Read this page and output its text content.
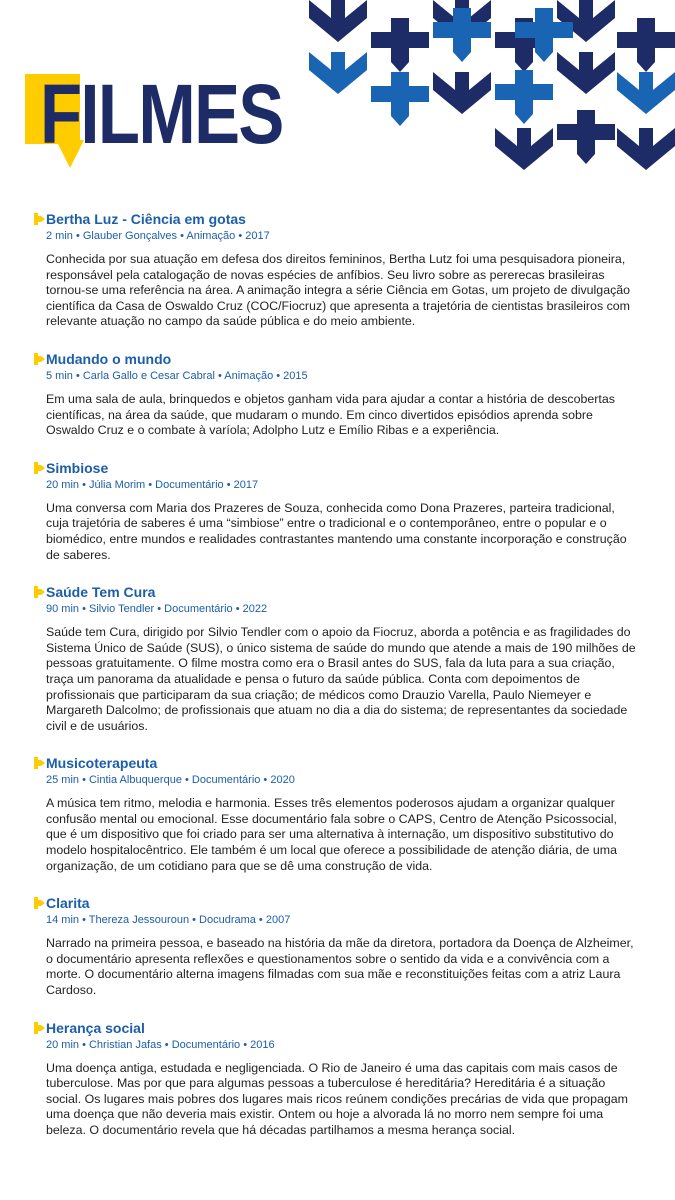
FILMES
Bertha Luz - Ciência em gotas
2 min • Glauber Gonçalves • Animação • 2017

Conhecida por sua atuação em defesa dos direitos femininos, Bertha Lutz foi uma pesquisadora pioneira, responsável pela catalogação de novas espécies de anfíbios. Seu livro sobre as pererecas brasileiras tornou-se uma referência na área. A animação integra a série Ciência em Gotas, um projeto de divulgação científica da Casa de Oswaldo Cruz (COC/Fiocruz) que apresenta a trajetória de cientistas brasileiros com relevante atuação no campo da saúde pública e do meio ambiente.

Mudando o mundo
5 min • Carla Gallo e Cesar Cabral • Animação • 2015

Em uma sala de aula, brinquedos e objetos ganham vida para ajudar a contar a história de descobertas científicas, na área da saúde, que mudaram o mundo. Em cinco divertidos episódios aprenda sobre Oswaldo Cruz e o combate à varíola; Adolpho Lutz e Emílio Ribas e a experiência.

Simbiose
20 min • Júlia Morim • Documentário • 2017

Uma conversa com Maria dos Prazeres de Souza, conhecida como Dona Prazeres, parteira tradicional, cuja trajetória de saberes é uma “simbiose” entre o tradicional e o contemporâneo, entre o popular e o biomédico, entre mundos e realidades contrastantes mantendo uma constante incorporação e construção de saberes.

Saúde Tem Cura
90 min • Silvio Tendler • Documentário • 2022

Saúde tem Cura, dirigido por Silvio Tendler com o apoio da Fiocruz, aborda a potência e as fragilidades do Sistema Único de Saúde (SUS), o único sistema de saúde do mundo que atende a mais de 190 milhões de pessoas gratuitamente. O filme mostra como era o Brasil antes do SUS, fala da luta para a sua criação, traça um panorama da atualidade e pensa o futuro da saúde pública. Conta com depoimentos de profissionais que participaram da sua criação; de médicos como Drauzio Varella, Paulo Niemeyer e Margareth Dalcolmo; de profissionais que atuam no dia a dia do sistema; de representantes da sociedade civil e de usuários.

Musicoterapeuta
25 min • Cintia Albuquerque • Documentário • 2020

A música tem ritmo, melodia e harmonia. Esses três elementos poderosos ajudam a organizar qualquer confusão mental ou emocional. Esse documentário fala sobre o CAPS, Centro de Atenção Psicossocial, que é um dispositivo que foi criado para ser uma alternativa à internação, um dispositivo substitutivo do modelo hospitalocêntrico. Ele também é um local que oferece a possibilidade de atenção diária, de uma organização, de um cotidiano para que se dê uma construção de vida.

Clarita
14 min • Thereza Jessouroun • Docudrama • 2007

Narrado na primeira pessoa, e baseado na história da mãe da diretora, portadora da Doença de Alzheimer, o documentário apresenta reflexões e questionamentos sobre o sentido da vida e a convivência com a morte. O documentário alterna imagens filmadas com sua mãe e reconstituições feitas com a atriz Laura Cardoso.

Herança social
20 min • Christian Jafas • Documentário • 2016

Uma doença antiga, estudada e negligenciada. O Rio de Janeiro é uma das capitais com mais casos de tuberculose. Mas por que para algumas pessoas a tuberculose é hereditária? Hereditária é a situação social. Os lugares mais pobres dos lugares mais ricos reúnem condições precárias de vida que propagam uma doença que não deveria mais existir. Ontem ou hoje a alvorada lá no morro nem sempre foi uma beleza. O documentário revela que há décadas partilhamos a mesma herança social.
